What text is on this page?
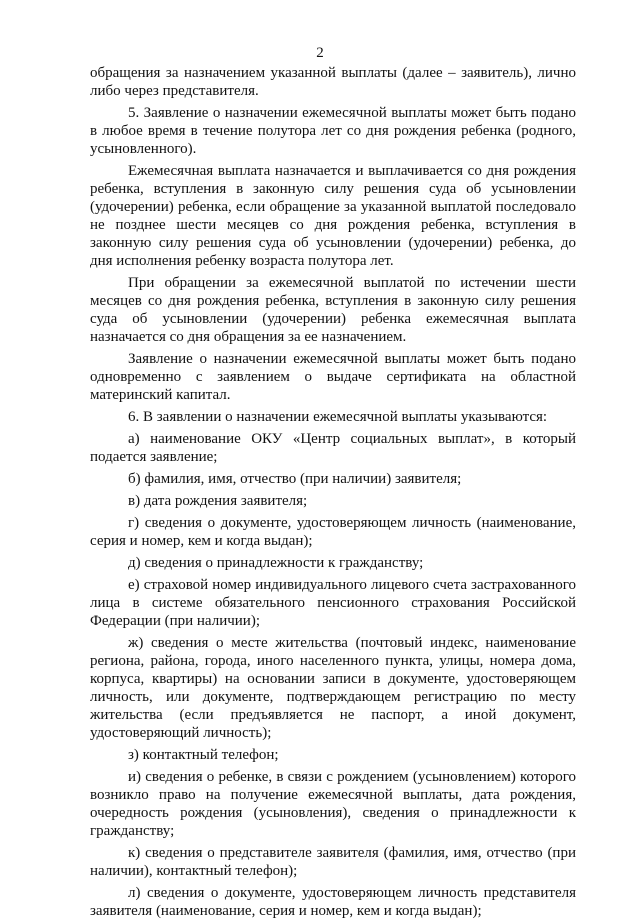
2
обращения за назначением указанной выплаты (далее – заявитель), лично
либо через представителя.
5. Заявление о назначении ежемесячной выплаты может быть подано
в любое время в течение полутора лет со дня рождения ребенка (родного,
усыновленного).
Ежемесячная выплата назначается и выплачивается со дня рождения
ребенка, вступления в законную силу решения суда об усыновлении
(удочерении) ребенка, если обращение за указанной выплатой последовало
не позднее шести месяцев со дня рождения ребенка, вступления в
законную силу решения суда об усыновлении (удочерении) ребенка, до
дня исполнения ребенку возраста полутора лет.
При обращении за ежемесячной выплатой по истечении шести
месяцев со дня рождения ребенка, вступления в законную силу решения
суда об усыновлении (удочерении) ребенка ежемесячная выплата
назначается со дня обращения за ее назначением.
Заявление о назначении ежемесячной выплаты может быть подано
одновременно с заявлением о выдаче сертификата на областной
материнский капитал.
6. В заявлении о назначении ежемесячной выплаты указываются:
а) наименование ОКУ «Центр социальных выплат», в который
подается заявление;
б) фамилия, имя, отчество (при наличии) заявителя;
в) дата рождения заявителя;
г) сведения о документе, удостоверяющем личность (наименование,
серия и номер, кем и когда выдан);
д) сведения о принадлежности к гражданству;
е) страховой номер индивидуального лицевого счета застрахованного
лица в системе обязательного пенсионного страхования Российской
Федерации (при наличии);
ж) сведения о месте жительства (почтовый индекс, наименование
региона, района, города, иного населенного пункта, улицы, номера дома,
корпуса, квартиры) на основании записи в документе, удостоверяющем
личность, или документе, подтверждающем регистрацию по месту
жительства (если предъявляется не паспорт, а иной документ,
удостоверяющий личность);
з) контактный телефон;
и) сведения о ребенке, в связи с рождением (усыновлением) которого
возникло право на получение ежемесячной выплаты, дата рождения,
очередность рождения (усыновления), сведения о принадлежности к
гражданству;
к) сведения о представителе заявителя (фамилия, имя, отчество (при
наличии), контактный телефон);
л) сведения о документе, удостоверяющем личность представителя
заявителя (наименование, серия и номер, кем и когда выдан);
